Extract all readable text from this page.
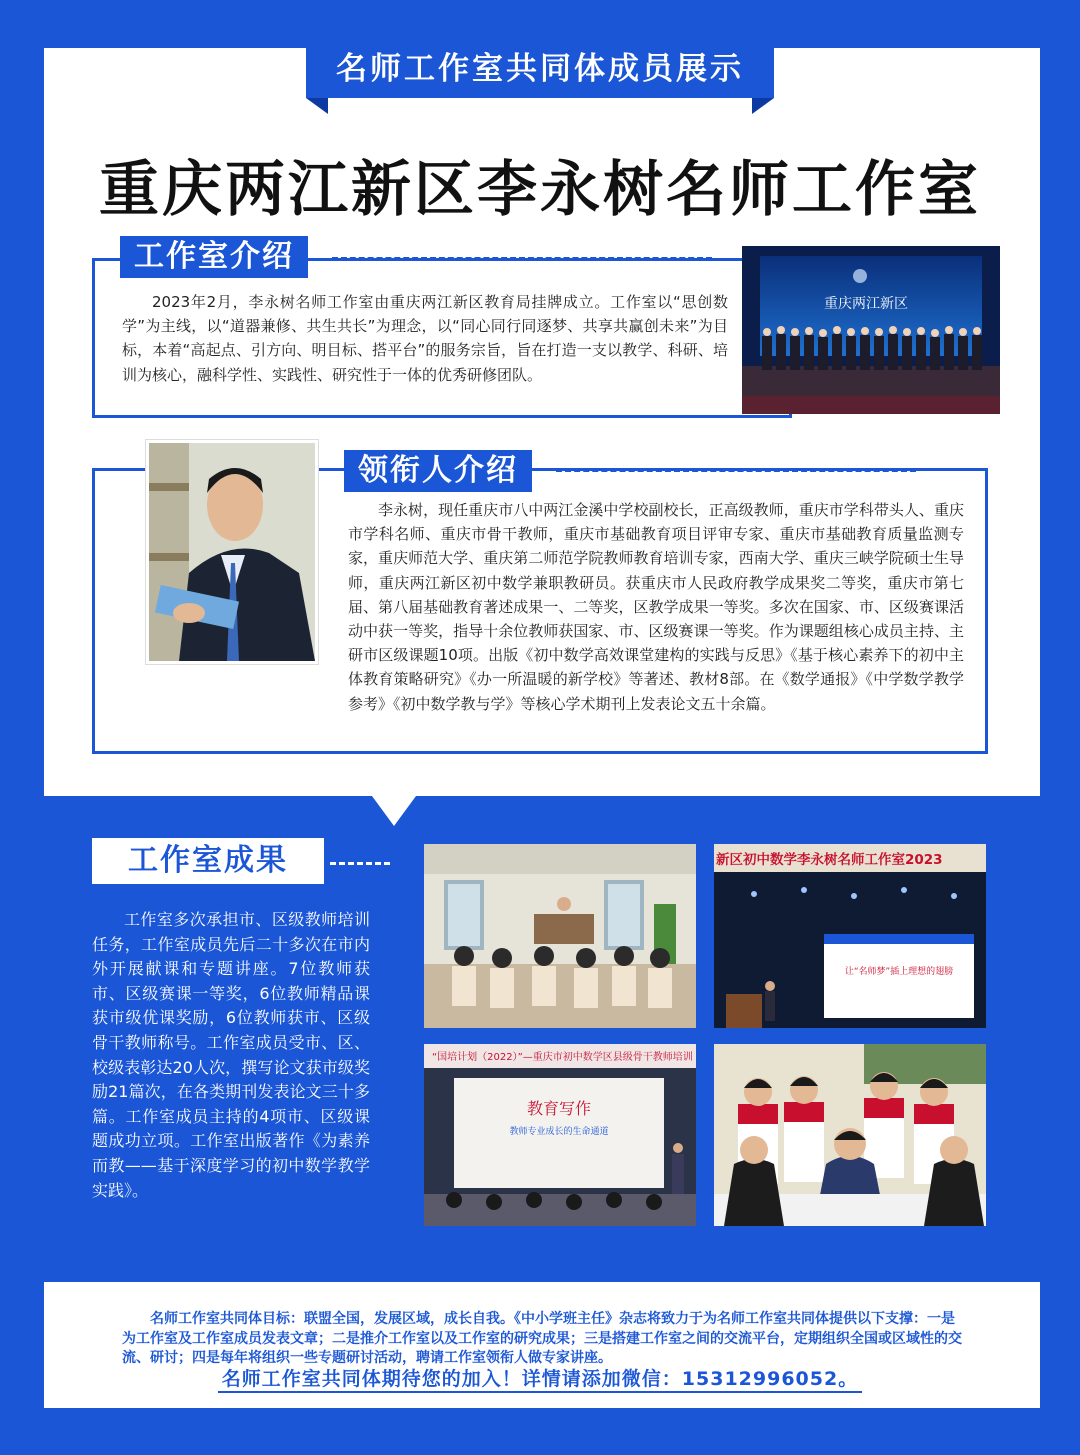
名师工作室共同体成员展示
重庆两江新区李永树名师工作室
工作室介绍

2023年2月，李永树名师工作室由重庆两江新区教育局挂牌成立。工作室以“思创数学”为主线，以“道器兼修、共生共长”为理念，以“同心同行同逐梦、共享共赢创未来”为目标，本着“高起点、引方向、明目标、搭平台”的服务宗旨，旨在打造一支以教学、科研、培训为核心，融科学性、实践性、研究性于一体的优秀研修团队。

重庆两江新区
领衔人介绍

李永树，现任重庆市八中两江金溪中学校副校长，正高级教师，重庆市学科带头人、重庆市学科名师、重庆市骨干教师，重庆市基础教育项目评审专家、重庆市基础教育质量监测专家，重庆师范大学、重庆第二师范学院教师教育培训专家，西南大学、重庆三峡学院硕士生导师，重庆两江新区初中数学兼职教研员。获重庆市人民政府教学成果奖二等奖，重庆市第七届、第八届基础教育著述成果一、二等奖，区教学成果一等奖。多次在国家、市、区级赛课活动中获一等奖，指导十余位教师获国家、市、区级赛课一等奖。作为课题组核心成员主持、主研市区级课题10项。出版《初中数学高效课堂建构的实践与反思》《基于核心素养下的初中主体教育策略研究》《办一所温暖的新学校》等著述、教材8部。在《数学通报》《中学数学教学参考》《初中数学教与学》等核心学术期刊上发表论文五十余篇。

工作室成果

工作室多次承担市、区级教师培训任务，工作室成员先后二十多次在市内外开展献课和专题讲座。7位教师获市、区级赛课一等奖，6位教师精品课获市级优课奖励，6位教师获市、区级骨干教师称号。工作室成员受市、区、校级表彰达20人次，撰写论文获市级奖励21篇次，在各类期刊发表论文三十多篇。工作室成员主持的4项市、区级课题成功立项。工作室出版著作《为素养而教——基于深度学习的初中数学教学实践》。

新区初中数学李永树名师工作室2023
让“名师梦”插上理想的翅膀
“国培计划（2022）”—重庆市初中数学区县级骨干教师培训
教育写作
教师专业成长的生命通道

名师工作室共同体目标：联盟全国，发展区域，成长自我。《中小学班主任》杂志将致力于为名师工作室共同体提供以下支撑：一是为工作室及工作室成员发表文章；二是推介工作室以及工作室的研究成果；三是搭建工作室之间的交流平台，定期组织全国或区域性的交流、研讨；四是每年将组织一些专题研讨活动，聘请工作室领衔人做专家讲座。

名师工作室共同体期待您的加入！详情请添加微信：15312996052。
